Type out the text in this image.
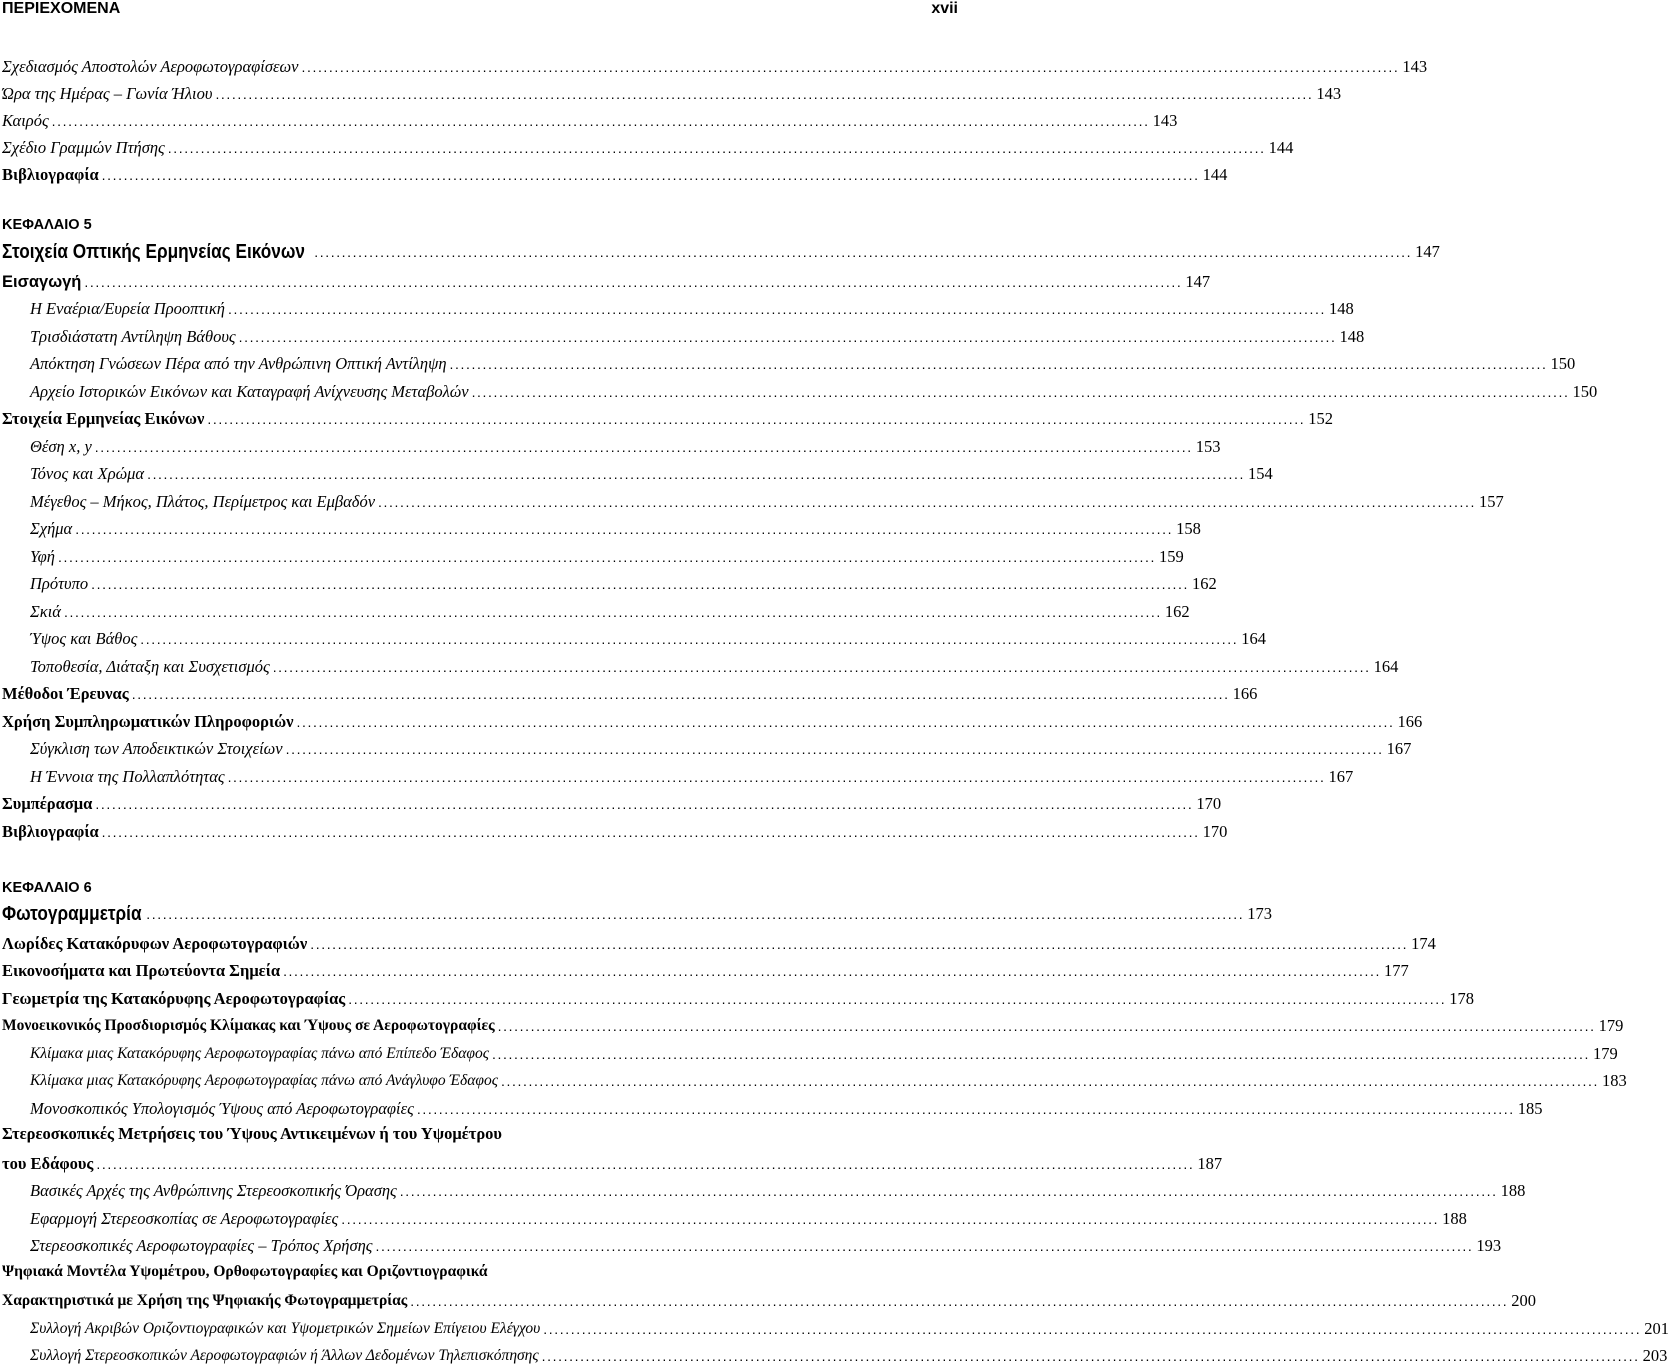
ΠΕΡΙΕΧΟΜΕΝΑ	xvii
Σχεδιασμός Αποστολών Αεροφωτογραφίσεων ........................................................................................................................................................................................................ 143
Ώρα της Ημέρας – Γωνία Ήλιου ........................................................................................................................................................................................................ 143
Καιρός ........................................................................................................................................................................................................ 143
Σχέδιο Γραμμών Πτήσης ........................................................................................................................................................................................................ 144
Βιβλιογραφία ........................................................................................................................................................................................................ 144
ΚΕΦΑΛΑΙΟ 5
Στοιχεία Οπτικής Ερμηνείας Εικόνων ........................................................................................................................................................................................................ 147
Εισαγωγή ........................................................................................................................................................................................................ 147
Η Εναέρια/Ευρεία Προοπτική ........................................................................................................................................................................................................ 148
Τρισδιάστατη Αντίληψη Βάθους ........................................................................................................................................................................................................ 148
Απόκτηση Γνώσεων Πέρα από την Ανθρώπινη Οπτική Αντίληψη ........................................................................................................................................................................................................ 150
Αρχείο Ιστορικών Εικόνων και Καταγραφή Ανίχνευσης Μεταβολών ........................................................................................................................................................................................................ 150
Στοιχεία Ερμηνείας Εικόνων ........................................................................................................................................................................................................ 152
Θέση x, y ........................................................................................................................................................................................................ 153
Τόνος και Χρώμα ........................................................................................................................................................................................................ 154
Μέγεθος – Μήκος, Πλάτος, Περίμετρος και Εμβαδόν ........................................................................................................................................................................................................ 157
Σχήμα ........................................................................................................................................................................................................ 158
Υφή ........................................................................................................................................................................................................ 159
Πρότυπο ........................................................................................................................................................................................................ 162
Σκιά ........................................................................................................................................................................................................ 162
Ύψος και Βάθος ........................................................................................................................................................................................................ 164
Τοποθεσία, Διάταξη και Συσχετισμός ........................................................................................................................................................................................................ 164
Μέθοδοι Έρευνας ........................................................................................................................................................................................................ 166
Χρήση Συμπληρωματικών Πληροφοριών ........................................................................................................................................................................................................ 166
Σύγκλιση των Αποδεικτικών Στοιχείων ........................................................................................................................................................................................................ 167
Η Έννοια της Πολλαπλότητας ........................................................................................................................................................................................................ 167
Συμπέρασμα ........................................................................................................................................................................................................ 170
Βιβλιογραφία ........................................................................................................................................................................................................ 170
ΚΕΦΑΛΑΙΟ 6
Φωτογραμμετρία ........................................................................................................................................................................................................ 173
Λωρίδες Κατακόρυφων Αεροφωτογραφιών ........................................................................................................................................................................................................ 174
Εικονοσήματα και Πρωτεύοντα Σημεία ........................................................................................................................................................................................................ 177
Γεωμετρία της Κατακόρυφης Αεροφωτογραφίας ........................................................................................................................................................................................................ 178
Μονοεικονικός Προσδιορισμός Κλίμακας και Ύψους σε Αεροφωτογραφίες ........................................................................................................................................................................................................ 179
Κλίμακα μιας Κατακόρυφης Αεροφωτογραφίας πάνω από Επίπεδο Έδαφος ........................................................................................................................................................................................................ 179
Κλίμακα μιας Κατακόρυφης Αεροφωτογραφίας πάνω από Ανάγλυφο Έδαφος ........................................................................................................................................................................................................ 183
Μονοσκοπικός Υπολογισμός Ύψους από Αεροφωτογραφίες ........................................................................................................................................................................................................ 185
Στερεοσκοπικές Μετρήσεις του Ύψους Αντικειμένων ή του Υψομέτρου
του Εδάφους ........................................................................................................................................................................................................ 187
Βασικές Αρχές της Ανθρώπινης Στερεοσκοπικής Όρασης ........................................................................................................................................................................................................ 188
Εφαρμογή Στερεοσκοπίας σε Αεροφωτογραφίες ........................................................................................................................................................................................................ 188
Στερεοσκοπικές Αεροφωτογραφίες – Τρόπος Χρήσης ........................................................................................................................................................................................................ 193
Ψηφιακά Μοντέλα Υψομέτρου, Ορθοφωτογραφίες και Οριζοντιογραφικά
Χαρακτηριστικά με Χρήση της Ψηφιακής Φωτογραμμετρίας ........................................................................................................................................................................................................ 200
Συλλογή Ακριβών Οριζοντιογραφικών και Υψομετρικών Σημείων Επίγειου Ελέγχου ........................................................................................................................................................................................................ 201
Συλλογή Στερεοσκοπικών Αεροφωτογραφιών ή Άλλων Δεδομένων Τηλεπισκόπησης ........................................................................................................................................................................................................ 203
